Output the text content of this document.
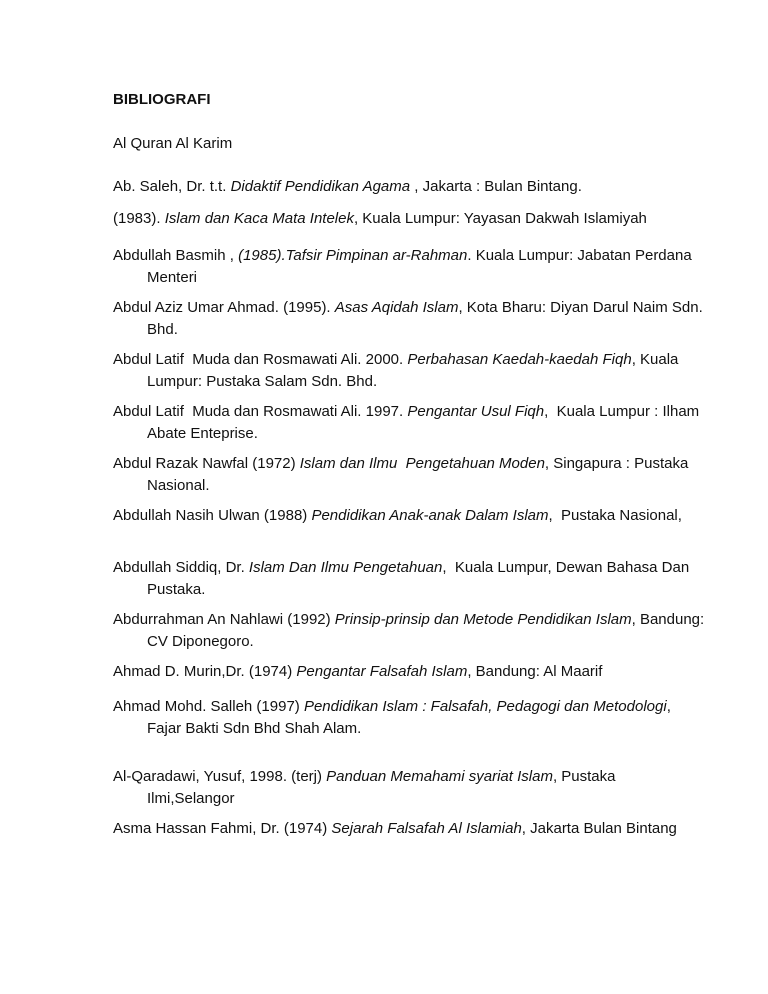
BIBLIOGRAFI
Al Quran Al Karim
Ab. Saleh, Dr. t.t. Didaktif Pendidikan Agama , Jakarta : Bulan Bintang.
(1983). Islam dan Kaca Mata Intelek, Kuala Lumpur: Yayasan Dakwah Islamiyah
Abdullah Basmih , (1985).Tafsir Pimpinan ar-Rahman. Kuala Lumpur: Jabatan Perdana Menteri
Abdul Aziz Umar Ahmad. (1995). Asas Aqidah Islam, Kota Bharu: Diyan Darul Naim Sdn. Bhd.
Abdul Latif  Muda dan Rosmawati Ali. 2000. Perbahasan Kaedah-kaedah Fiqh, Kuala Lumpur: Pustaka Salam Sdn. Bhd.
Abdul Latif  Muda dan Rosmawati Ali. 1997. Pengantar Usul Fiqh,  Kuala Lumpur : Ilham Abate Enteprise.
Abdul Razak Nawfal (1972) Islam dan Ilmu  Pengetahuan Moden, Singapura : Pustaka Nasional.
Abdullah Nasih Ulwan (1988) Pendidikan Anak-anak Dalam Islam,  Pustaka Nasional,
Abdullah Siddiq, Dr. Islam Dan Ilmu Pengetahuan,  Kuala Lumpur, Dewan Bahasa Dan Pustaka.
Abdurrahman An Nahlawi (1992) Prinsip-prinsip dan Metode Pendidikan Islam, Bandung: CV Diponegoro.
Ahmad D. Murin,Dr. (1974) Pengantar Falsafah Islam, Bandung: Al Maarif
Ahmad Mohd. Salleh (1997) Pendidikan Islam : Falsafah, Pedagogi dan Metodologi, Fajar Bakti Sdn Bhd Shah Alam.
Al-Qaradawi, Yusuf, 1998. (terj) Panduan Memahami syariat Islam, Pustaka Ilmi,Selangor
Asma Hassan Fahmi, Dr. (1974) Sejarah Falsafah Al Islamiah, Jakarta Bulan Bintang
